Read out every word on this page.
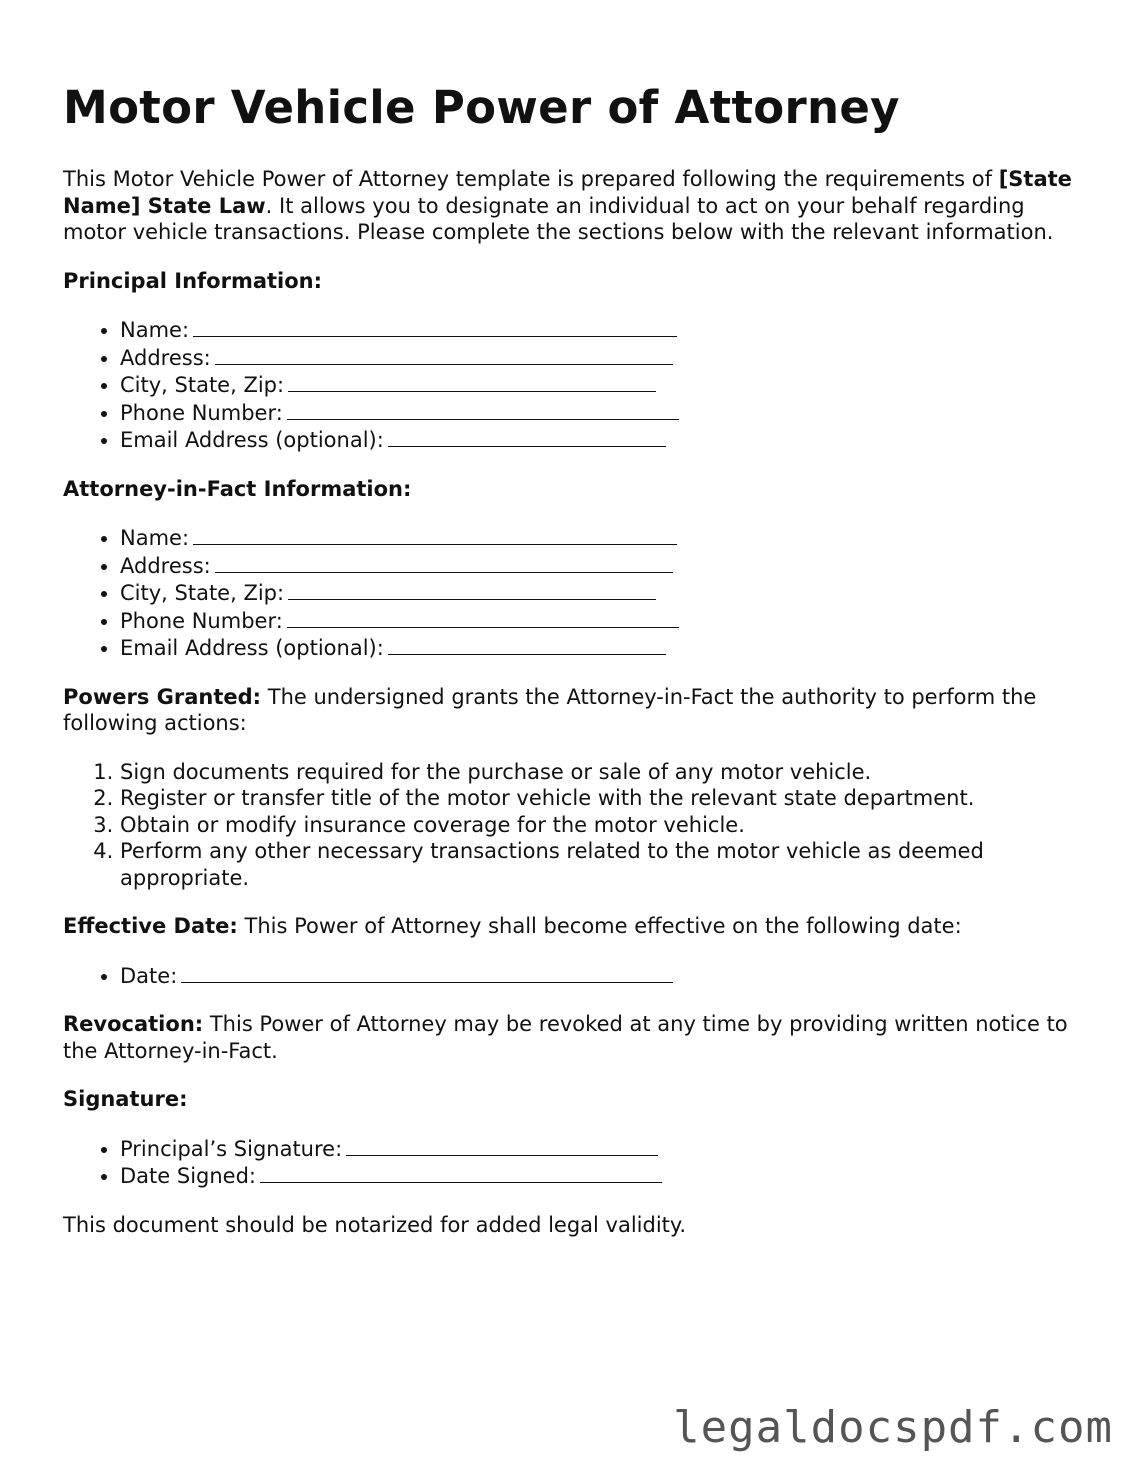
Motor Vehicle Power of Attorney

This Motor Vehicle Power of Attorney template is prepared following the requirements of [State Name] State Law. It allows you to designate an individual to act on your behalf regarding motor vehicle transactions. Please complete the sections below with the relevant information.

Principal Information:
• Name:
• Address:
• City, State, Zip:
• Phone Number:
• Email Address (optional):
Attorney-in-Fact Information:
• Name:
• Address:
• City, State, Zip:
• Phone Number:
• Email Address (optional):

Powers Granted: The undersigned grants the Attorney-in-Fact the authority to perform the following actions:

1. Sign documents required for the purchase or sale of any motor vehicle.
2. Register or transfer title of the motor vehicle with the relevant state department.
3. Obtain or modify insurance coverage for the motor vehicle.
4. Perform any other necessary transactions related to the motor vehicle as deemed appropriate.

Effective Date: This Power of Attorney shall become effective on the following date:

• Date:

Revocation: This Power of Attorney may be revoked at any time by providing written notice to the Attorney-in-Fact.

Signature:
• Principal’s Signature:
• Date Signed:

This document should be notarized for added legal validity.

legaldocspdf.com
